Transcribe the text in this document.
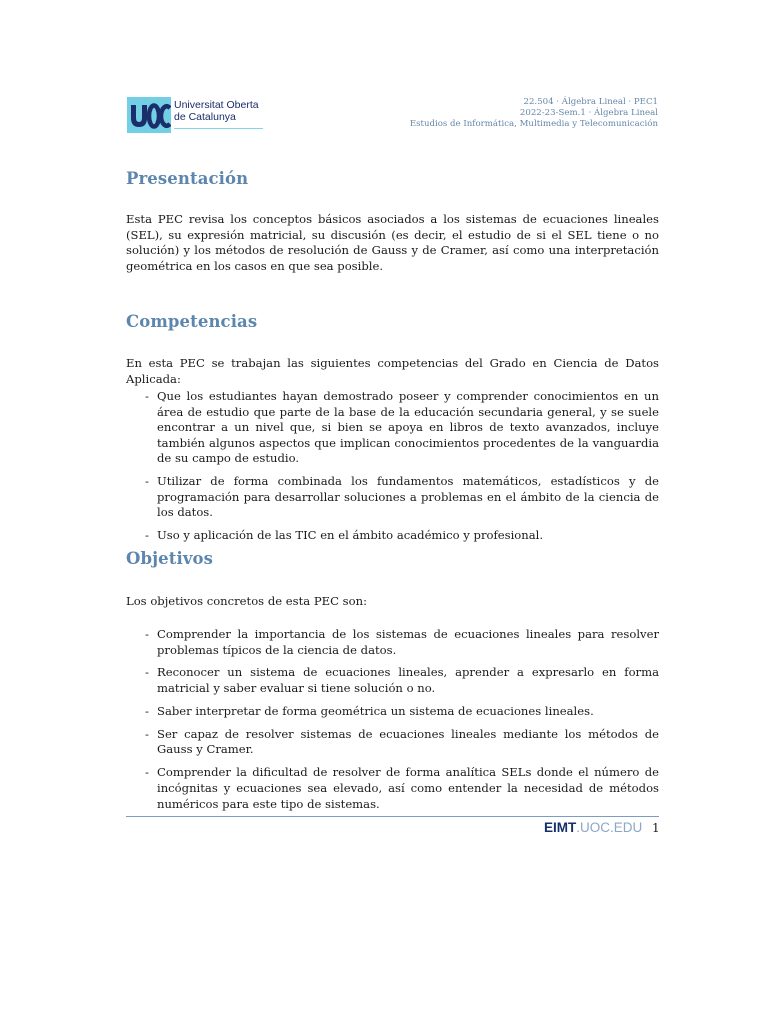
Universitat Oberta
de Catalunya
22.504 · Álgebra Lineal · PEC1
2022-23-Sem.1 · Álgebra Lineal
Estudios de Informática, Multimedia y Telecomunicación
Presentación

Esta PEC revisa los conceptos básicos asociados a los sistemas de ecuaciones lineales (SEL), su expresión matricial, su discusión (es decir, el estudio de si el SEL tiene o no solución) y los métodos de resolución de Gauss y de Cramer, así como una interpretación geométrica en los casos en que sea posible.

Competencias

En esta PEC se trabajan las siguientes competencias del Grado en Ciencia de Datos Aplicada:

- Que los estudiantes hayan demostrado poseer y comprender conocimientos en un área de estudio que parte de la base de la educación secundaria general, y se suele encontrar a un nivel que, si bien se apoya en libros de texto avanzados, incluye también algunos aspectos que implican conocimientos procedentes de la vanguardia de su campo de estudio.
- Utilizar de forma combinada los fundamentos matemáticos, estadísticos y de programación para desarrollar soluciones a problemas en el ámbito de la ciencia de los datos.
- Uso y aplicación de las TIC en el ámbito académico y profesional.
Objetivos

Los objetivos concretos de esta PEC son:

- Comprender la importancia de los sistemas de ecuaciones lineales para resolver problemas típicos de la ciencia de datos.
- Reconocer un sistema de ecuaciones lineales, aprender a expresarlo en forma matricial y saber evaluar si tiene solución o no.
- Saber interpretar de forma geométrica un sistema de ecuaciones lineales.
- Ser capaz de resolver sistemas de ecuaciones lineales mediante los métodos de Gauss y Cramer.
- Comprender la dificultad de resolver de forma analítica SELs donde el número de incógnitas y ecuaciones sea elevado, así como entender la necesidad de métodos numéricos para este tipo de sistemas.
EIMT.UOC.EDU 1
